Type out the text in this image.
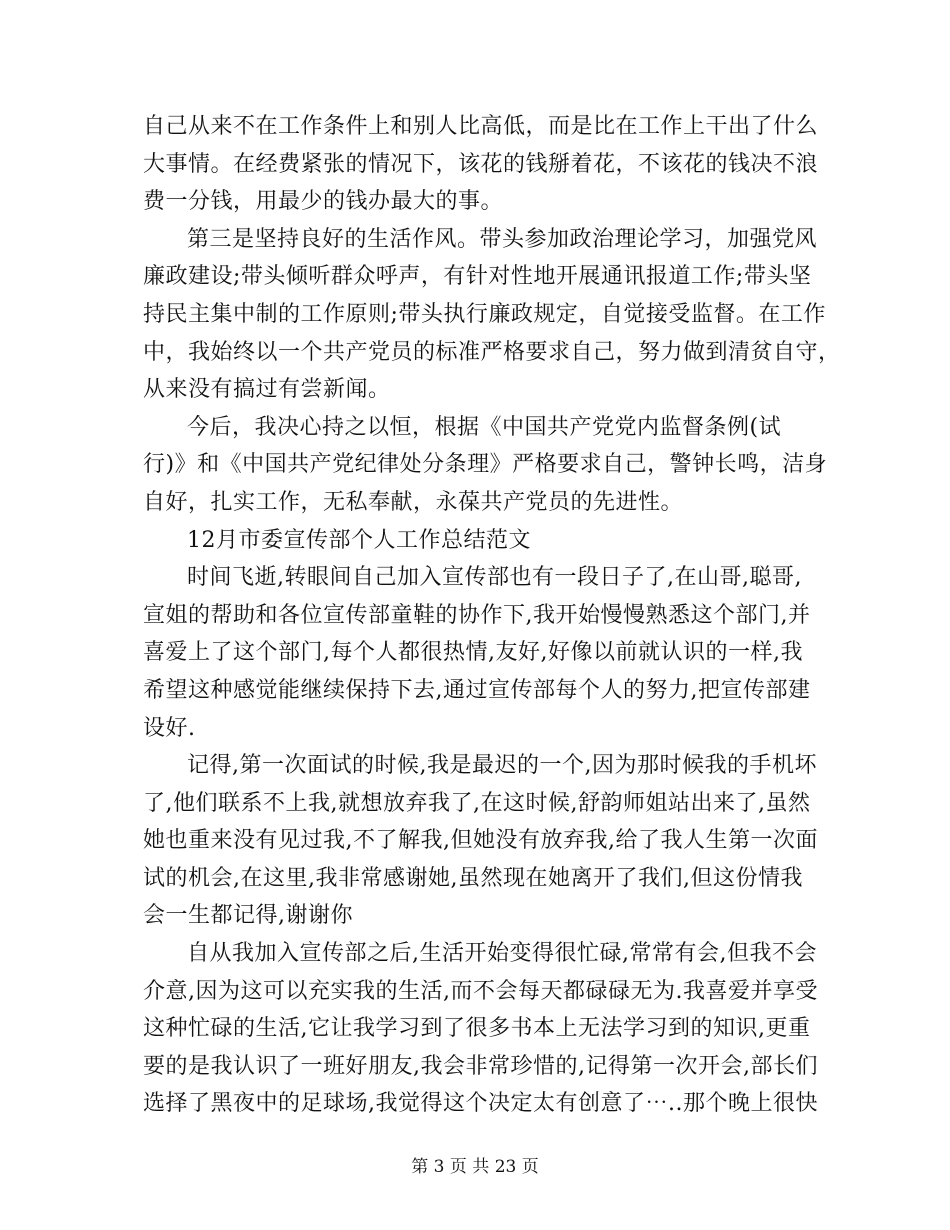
自己从来不在工作条件上和别人比高低，而是比在工作上干出了什么
大事情。在经费紧张的情况下，该花的钱掰着花，不该花的钱决不浪
费一分钱，用最少的钱办最大的事。
第三是坚持良好的生活作风。带头参加政治理论学习，加强党风
廉政建设;带头倾听群众呼声，有针对性地开展通讯报道工作;带头坚
持民主集中制的工作原则;带头执行廉政规定，自觉接受监督。在工作
中，我始终以一个共产党员的标准严格要求自己，努力做到清贫自守，
从来没有搞过有尝新闻。
今后，我决心持之以恒，根据《中国共产党党内监督条例(试
行)》和《中国共产党纪律处分条理》严格要求自己，警钟长鸣，洁身
自好，扎实工作，无私奉献，永葆共产党员的先进性。
12月市委宣传部个人工作总结范文
时间飞逝,转眼间自己加入宣传部也有一段日子了,在山哥,聪哥,
宣姐的帮助和各位宣传部童鞋的协作下,我开始慢慢熟悉这个部门,并
喜爱上了这个部门,每个人都很热情,友好,好像以前就认识的一样,我
希望这种感觉能继续保持下去,通过宣传部每个人的努力,把宣传部建
设好.
记得,第一次面试的时候,我是最迟的一个,因为那时候我的手机坏
了,他们联系不上我,就想放弃我了,在这时候,舒韵师姐站出来了,虽然
她也重来没有见过我,不了解我,但她没有放弃我,给了我人生第一次面
试的机会,在这里,我非常感谢她,虽然现在她离开了我们,但这份情我
会一生都记得,谢谢你
自从我加入宣传部之后,生活开始变得很忙碌,常常有会,但我不会
介意,因为这可以充实我的生活,而不会每天都碌碌无为.我喜爱并享受
这种忙碌的生活,它让我学习到了很多书本上无法学习到的知识,更重
要的是我认识了一班好朋友,我会非常珍惜的,记得第一次开会,部长们
选择了黑夜中的足球场,我觉得这个决定太有创意了⋯..那个晚上很快
第 3 页 共 23 页
